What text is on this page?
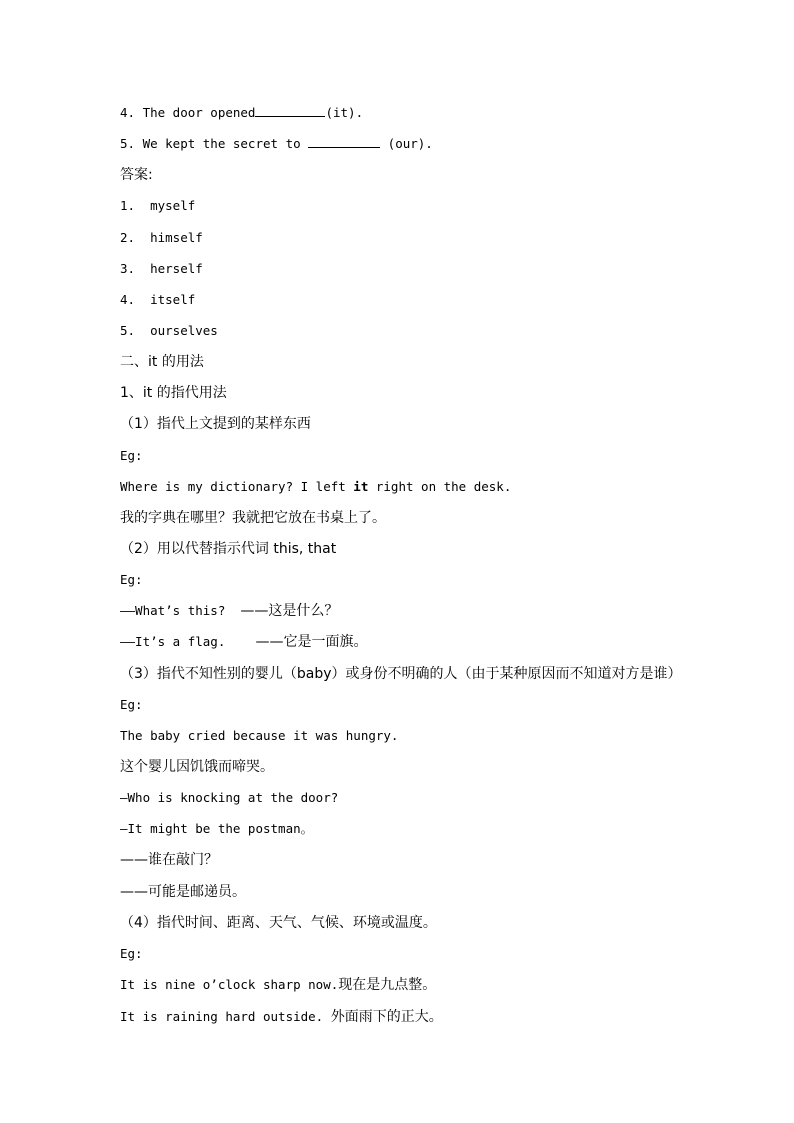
4. The door opened	(it).
5. We kept the secret to	(our).
答案:
1.  myself
2.  himself
3.  herself
4.  itself
5.  ourselves
二、it 的用法
1、it 的指代用法
（1）指代上文提到的某样东西
Eg:
Where is my dictionary? I left it right on the desk.
我的字典在哪里？我就把它放在书桌上了。
（2）用以代替指示代词 this, that
Eg:
——What’s this?  ——这是什么？
——It’s a flag.    ——它是一面旗。
（3）指代不知性别的婴儿（baby）或身份不明确的人（由于某种原因而不知道对方是谁）
Eg:
The baby cried because it was hungry.
这个婴儿因饥饿而啼哭。
—Who is knocking at the door?
—It might be the postman。
——谁在敲门？
——可能是邮递员。
（4）指代时间、距离、天气、气候、环境或温度。
Eg:
It is nine o’clock sharp now.现在是九点整。
It is raining hard outside. 外面雨下的正大。
